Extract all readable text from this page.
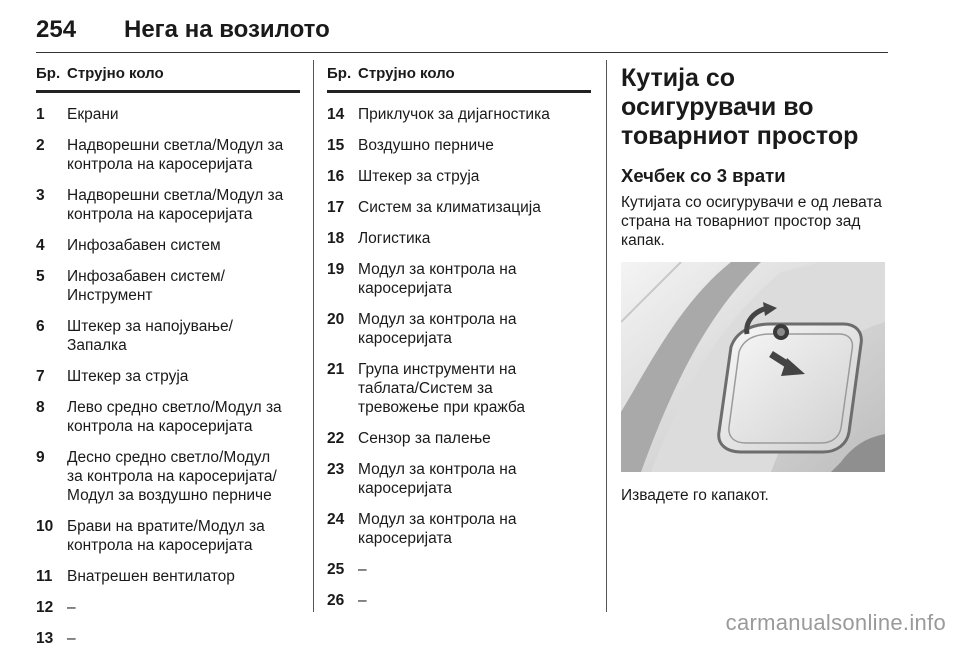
254 Нега на возилото
Бр. Струјно коло
1	Екрани
2	Надворешни светла/Модул за
контрола на каросеријата
3	Надворешни светла/Модул за
контрола на каросеријата
4	Инфозабавен систем
5	Инфозабавен систем/
Инструмент
6	Штекер за напојување/
Запалка
7	Штекер за струја
8	Лево средно светло/Модул за
контрола на каросеријата
9	Десно средно светло/Модул
за контрола на каросеријата/
Модул за воздушно перниче
10 Брави на вратите/Модул за
контрола на каросеријата
11 Внатрешен вентилатор
12 –
13 –
Бр. Струјно коло
14 Приклучок за дијагностика
15 Воздушно перниче
16 Штекер за струја
17 Систем за климатизација
18 Логистика
19 Модул за контрола на
каросеријата
20 Модул за контрола на
каросеријата
21 Група инструменти на
таблата/Систем за
тревожење при кражба
22 Сензор за палење
23 Модул за контрола на
каросеријата
24 Модул за контрола на
каросеријата
25 –
26 –
Кутија со осигурувачи во товарниот простор
Хечбек со 3 врати
Кутијата со осигурувачи е од левата страна на товарниот простор зад капак.
Извадете го капакот.
carmanualsonline.info
